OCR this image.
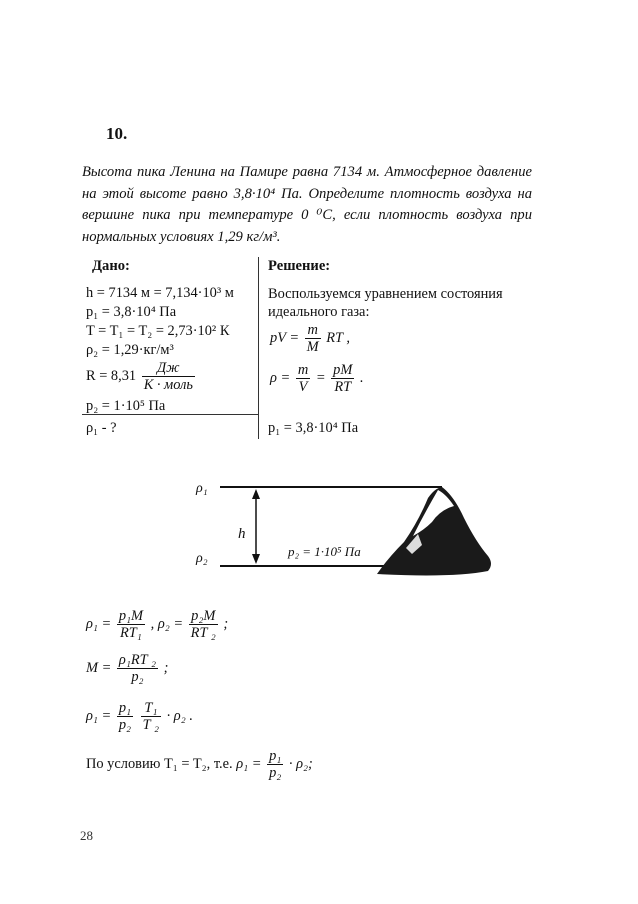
10.
Высота пика Ленина на Памире равна 7134 м. Атмосферное давление на этой высоте равно 3,8·10⁴ Па. Определите плотность воздуха на вершине пика при температуре 0 ⁰С, если плотность воздуха при нормальных условиях 1,29 кг/м³.
Дано:	Решение:
h = 7134 м = 7,134·10³ м
p₁ = 3,8·10⁴ Па
T = T₁ = T₂ = 2,73·10² К
ρ₂ = 1,29·кг/м³
$R = 8,31 \frac{Дж}{\text{К · моль}}$
p₂ = 1·10⁵ Па
ρ₁ - ?
Воспользуемся уравнением состояния
идеального газа:
pV = $\frac{m}{M}$ RT ,
$\rho = \frac{m}{V} = \frac{pM}{RT}$ .
p₁ = 3,8·10⁴ Па
ρ₁
h
ρ₂	p₂ = 1·10⁵ Па
$\rho_1 = \frac{\text{p₁M}}{\text{RT₁}}$ , $\rho_2 = \frac{\text{p₂M}}{\text{RT ₂}}$ ;
$M = \frac{\text{ρ₁RT ₂}}{\text{p₂}}$ ;
$\rho_1 = \frac{\text{p₁}}{\text{p₂}}$
$\frac{\text{T₁}}{\text{T ₂}} \cdot \rho_2$ .
По условию T₁ = T₂, т.е. $\rho_1 = \frac{\text{p₁}}{\text{p₂}} \cdot \rho_2$;
28
